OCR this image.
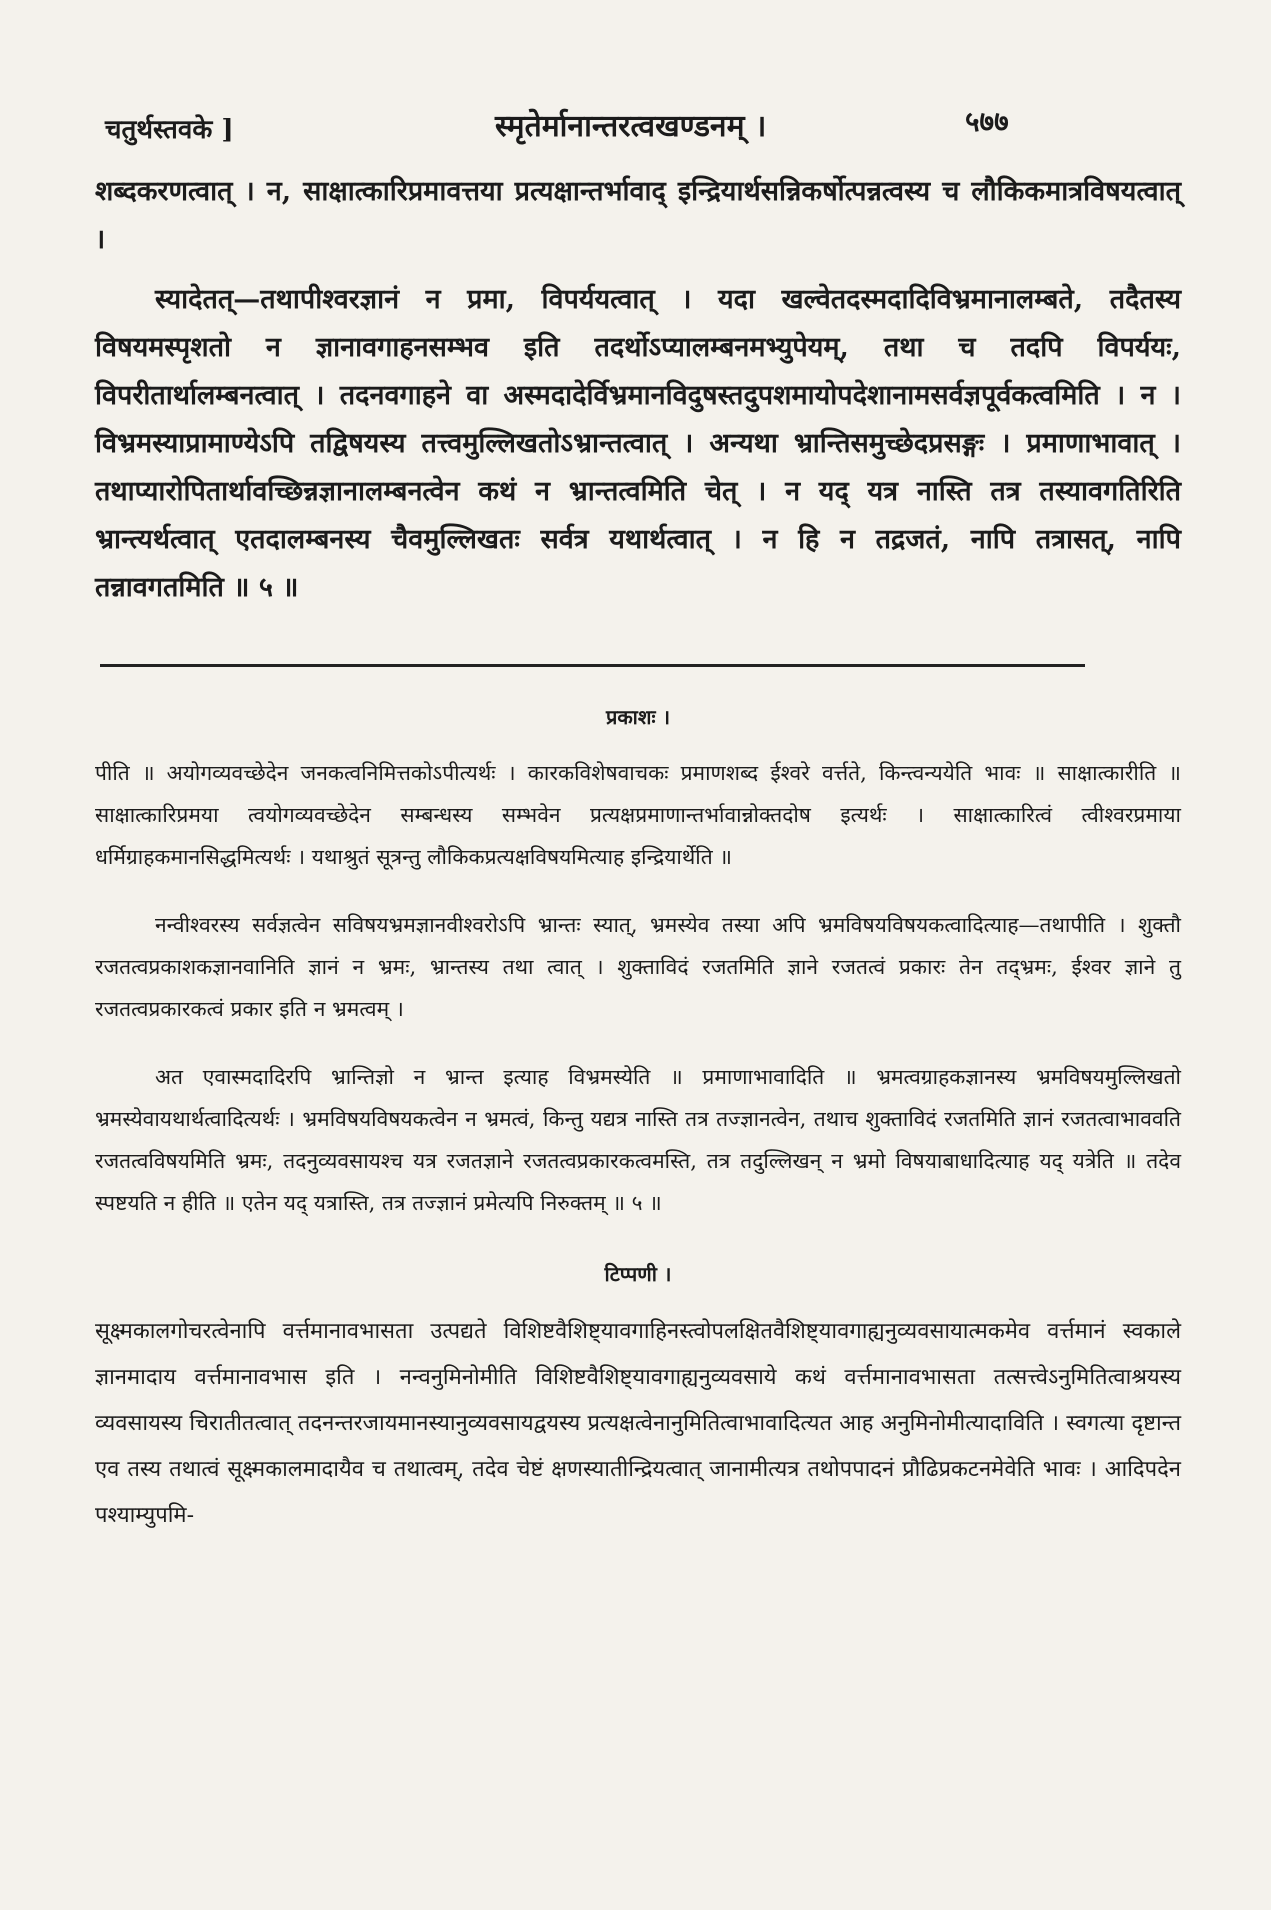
चतुर्थस्तवके ]	स्मृतेर्मानान्तरत्वखण्डनम् ।	५७७

शब्दकरणत्वात् । न, साक्षात्कारिप्रमावत्तया प्रत्यक्षान्तर्भावाद् इन्द्रियार्थसन्निकर्षोत्पन्नत्वस्य च लौकिकमात्रविषयत्वात् ।

स्यादेतत्—तथापीश्वरज्ञानं न प्रमा, विपर्ययत्वात् । यदा खल्वेतदस्मदादिविभ्रमानालम्बते, तदैतस्य विषयमस्पृशतो न ज्ञानावगाहनसम्भव इति तदर्थोऽप्यालम्बनमभ्युपेयम्, तथा च तदपि विपर्ययः, विपरीतार्थालम्बनत्वात् । तदनवगाहने वा अस्मदादेर्विभ्रमानविदुषस्तदुपशमायोपदेशानामसर्वज्ञपूर्वकत्वमिति । न । विभ्रमस्याप्रामाण्येऽपि तद्विषयस्य तत्त्वमुल्लिखतोऽभ्रान्तत्वात् । अन्यथा भ्रान्तिसमुच्छेदप्रसङ्गः । प्रमाणाभावात् । तथाप्यारोपितार्थावच्छिन्नज्ञानालम्बनत्वेन कथं न भ्रान्तत्वमिति चेत् । न यद् यत्र नास्ति तत्र तस्यावगतिरिति भ्रान्त्यर्थत्वात् एतदालम्बनस्य चैवमुल्लिखतः सर्वत्र यथार्थत्वात् । न हि न तद्रजतं, नापि तत्रासत्, नापि तन्नावगतमिति ॥ ५ ॥

प्रकाशः ।

पीति ॥ अयोगव्यवच्छेदेन जनकत्वनिमित्तकोऽपीत्यर्थः । कारकविशेषवाचकः प्रमाणशब्द ईश्वरे वर्त्तते, किन्त्वन्ययेति भावः ॥ साक्षात्कारीति ॥ साक्षात्कारिप्रमया त्वयोगव्यवच्छेदेन सम्बन्धस्य सम्भवेन प्रत्यक्षप्रमाणान्तर्भावान्नोक्तदोष इत्यर्थः । साक्षात्कारित्वं त्वीश्वरप्रमाया धर्मिग्राहकमानसिद्धमित्यर्थः । यथाश्रुतं सूत्रन्तु लौकिकप्रत्यक्षविषयमित्याह इन्द्रियार्थेति ॥

नन्वीश्वरस्य सर्वज्ञत्वेन सविषयभ्रमज्ञानवीश्वरोऽपि भ्रान्तः स्यात्, भ्रमस्येव तस्या अपि भ्रमविषयविषयकत्वादित्याह—तथापीति । शुक्तौ रजतत्वप्रकाशकज्ञानवानिति ज्ञानं न भ्रमः, भ्रान्तस्य तथा त्वात् । शुक्ताविदं रजतमिति ज्ञाने रजतत्वं प्रकारः तेन तद्भ्रमः, ईश्वर ज्ञाने तु रजतत्वप्रकारकत्वं प्रकार इति न भ्रमत्वम् ।

अत एवास्मदादिरपि भ्रान्तिज्ञो न भ्रान्त इत्याह विभ्रमस्येति ॥ प्रमाणाभावादिति ॥ भ्रमत्वग्राहकज्ञानस्य भ्रमविषयमुल्लिखतो भ्रमस्येवायथार्थत्वादित्यर्थः । भ्रमविषयविषयकत्वेन न भ्रमत्वं, किन्तु यद्यत्र नास्ति तत्र तज्ज्ञानत्वेन, तथाच शुक्ताविदं रजतमिति ज्ञानं रजतत्वाभाववति रजतत्वविषयमिति भ्रमः, तदनुव्यवसायश्च यत्र रजतज्ञाने रजतत्वप्रकारकत्वमस्ति, तत्र तदुल्लिखन् न भ्रमो विषयाबाधादित्याह यद् यत्रेति ॥ तदेव स्पष्टयति न हीति ॥ एतेन यद् यत्रास्ति, तत्र तज्ज्ञानं प्रमेत्यपि निरुक्तम् ॥ ५ ॥

टिप्पणी ।

सूक्ष्मकालगोचरत्वेनापि वर्त्तमानावभासता उत्पद्यते विशिष्टवैशिष्ट्यावगाहिनस्त्वोपलक्षितवैशिष्ट्यावगाह्यनुव्यवसायात्मकमेव वर्त्तमानं स्वकाले ज्ञानमादाय वर्त्तमानावभास इति । नन्वनुमिनोमीति विशिष्टवैशिष्ट्यावगाह्यनुव्यवसाये कथं वर्त्तमानावभासता तत्सत्त्वेऽनुमितित्वाश्रयस्य व्यवसायस्य चिरातीतत्वात् तदनन्तरजायमानस्यानुव्यवसायद्वयस्य प्रत्यक्षत्वेनानुमितित्वाभावादित्यत आह अनुमिनोमीत्यादाविति । स्वगत्या दृष्टान्त एव तस्य तथात्वं सूक्ष्मकालमादायैव च तथात्वम्, तदेव चेष्टं क्षणस्यातीन्द्रियत्वात् जानामीत्यत्र तथोपपादनं प्रौढिप्रकटनमेवेति भावः । आदिपदेन पश्याम्युपमि-
